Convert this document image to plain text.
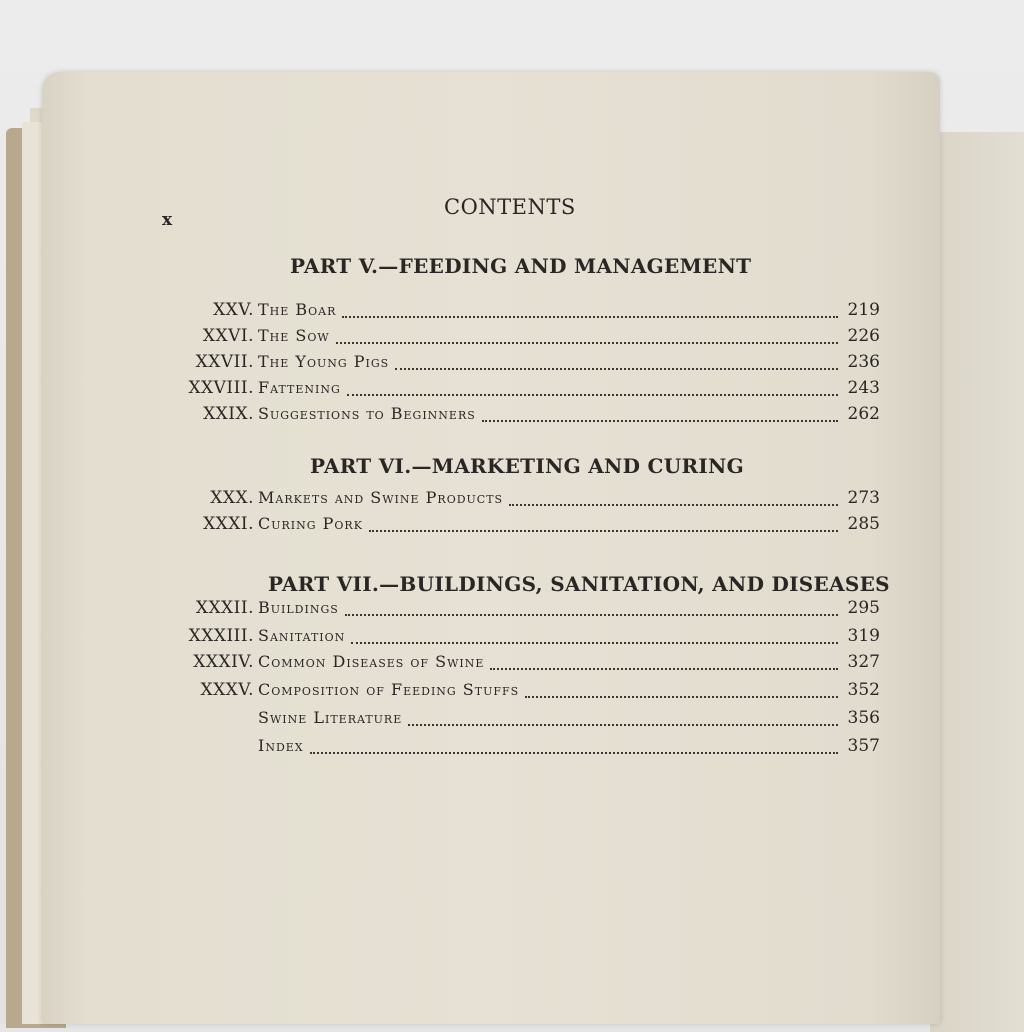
x
CONTENTS
PART V.—FEEDING AND MANAGEMENT
XXV. The Boar	219
XXVI. The Sow	226
XXVII. The Young Pigs	236
XXVIII. Fattening	243
XXIX. Suggestions to Beginners	262
PART VI.—MARKETING AND CURING
XXX. Markets and Swine Products	273
XXXI. Curing Pork	285
PART VII.—BUILDINGS, SANITATION, AND DISEASES
XXXII. Buildings	295
XXXIII. Sanitation	319
XXXIV. Common Diseases of Swine	327
XXXV. Composition of Feeding Stuffs	352
Swine Literature	356
Index	357
